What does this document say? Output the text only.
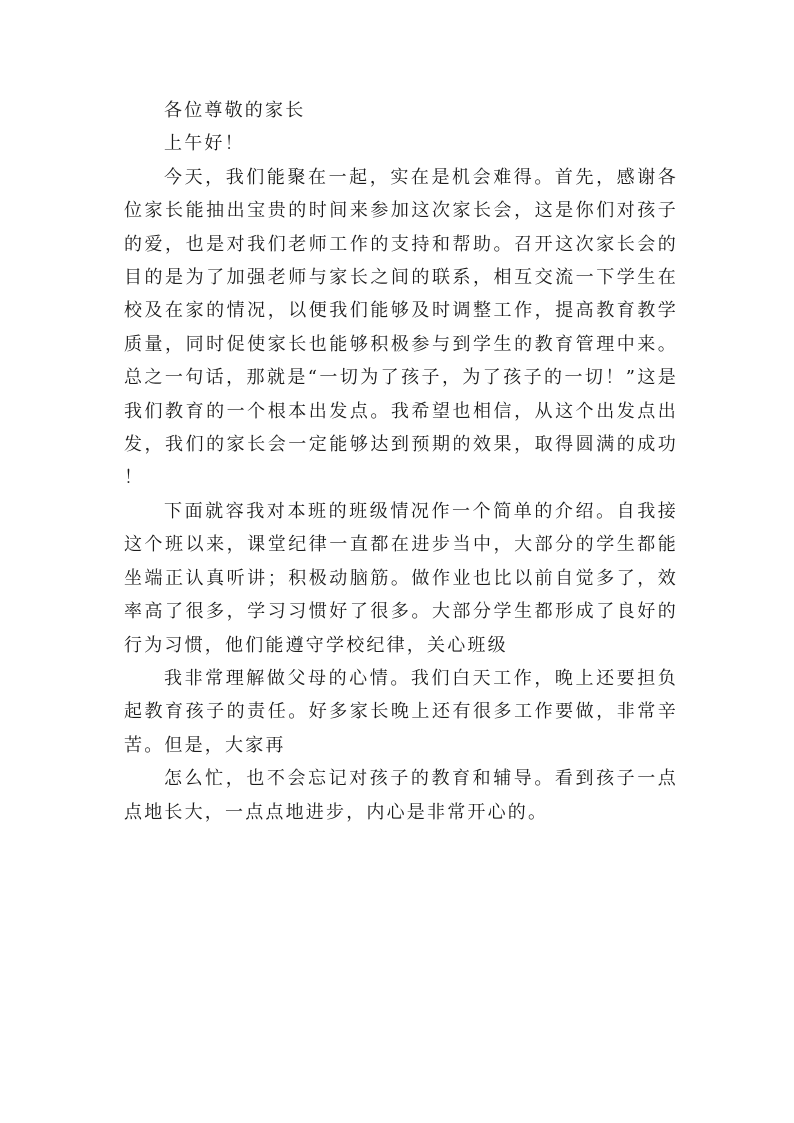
各位尊敬的家长

上午好！

今天，我们能聚在一起，实在是机会难得。首先，感谢各位家长能抽出宝贵的时间来参加这次家长会，这是你们对孩子的爱，也是对我们老师工作的支持和帮助。召开这次家长会的目的是为了加强老师与家长之间的联系，相互交流一下学生在校及在家的情况，以便我们能够及时调整工作，提高教育教学质量，同时促使家长也能够积极参与到学生的教育管理中来。总之一句话，那就是“一切为了孩子，为了孩子的一切！”这是我们教育的一个根本出发点。我希望也相信，从这个出发点出发，我们的家长会一定能够达到预期的效果，取得圆满的成功！

下面就容我对本班的班级情况作一个简单的介绍。自我接这个班以来，课堂纪律一直都在进步当中，大部分的学生都能坐端正认真听讲；积极动脑筋。做作业也比以前自觉多了，效率高了很多，学习习惯好了很多。大部分学生都形成了良好的行为习惯，他们能遵守学校纪律，关心班级

我非常理解做父母的心情。我们白天工作，晚上还要担负起教育孩子的责任。好多家长晚上还有很多工作要做，非常辛苦。但是，大家再

怎么忙，也不会忘记对孩子的教育和辅导。看到孩子一点点地长大，一点点地进步，内心是非常开心的。
